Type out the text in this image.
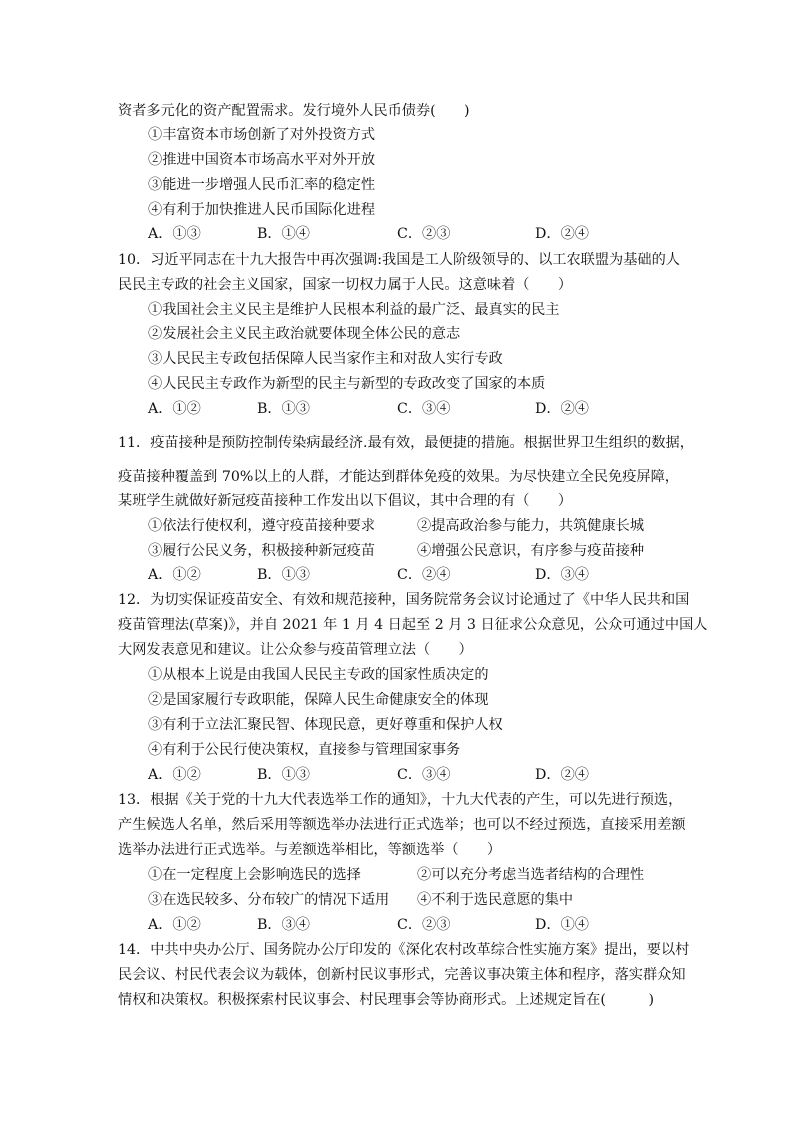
资者多元化的资产配置需求。发行境外人民币债券(　　)
①丰富资本市场创新了对外投资方式
②推进中国资本市场高水平对外开放
③能进一步增强人民币汇率的稳定性
④有利于加快推进人民币国际化进程
A．①③	B．①④	C．②③	D．②④
10．习近平同志在十九大报告中再次强调:我国是工人阶级领导的、以工农联盟为基础的人
民民主专政的社会主义国家，国家一切权力属于人民。这意味着（　　）
①我国社会主义民主是维护人民根本利益的最广泛、最真实的民主
②发展社会主义民主政治就要体现全体公民的意志
③人民民主专政包括保障人民当家作主和对敌人实行专政
④人民民主专政作为新型的民主与新型的专政改变了国家的本质
A．①②	B．①③	C．③④	D．②④
11．疫苗接种是预防控制传染病最经济.最有效，最便捷的措施。根据世界卫生组织的数据，
疫苗接种覆盖到 70%以上的人群，才能达到群体免疫的效果。为尽快建立全民免疫屏障，
某班学生就做好新冠疫苗接种工作发出以下倡议，其中合理的有（　　）
①依法行使权利，遵守疫苗接种要求	②提高政治参与能力，共筑健康长城
③履行公民义务，积极接种新冠疫苗	④增强公民意识，有序参与疫苗接种
A．①②	B．①③	C．②④	D．③④
12．为切实保证疫苗安全、有效和规范接种，国务院常务会议讨论通过了《中华人民共和国
疫苗管理法(草案)》，并自 2021 年 1 月 4 日起至 2 月 3 日征求公众意见，公众可通过中国人
大网发表意见和建议。让公众参与疫苗管理立法（　　）
①从根本上说是由我国人民民主专政的国家性质决定的
②是国家履行专政职能，保障人民生命健康安全的体现
③有利于立法汇聚民智、体现民意，更好尊重和保护人权
④有利于公民行使决策权，直接参与管理国家事务
A．①②	B．①③	C．③④	D．②④
13．根据《关于党的十九大代表选举工作的通知》，十九大代表的产生，可以先进行预选，
产生候选人名单，然后采用等额选举办法进行正式选举；也可以不经过预选，直接采用差额
选举办法进行正式选举。与差额选举相比，等额选举（　　）
①在一定程度上会影响选民的选择	②可以充分考虑当选者结构的合理性
③在选民较多、分布较广的情况下适用 ④不利于选民意愿的集中
A．①②	B．③④	C．②③	D．①④
14．中共中央办公厅、国务院办公厅印发的《深化农村改革综合性实施方案》提出，要以村
民会议、村民代表会议为载体，创新村民议事形式，完善议事决策主体和程序，落实群众知
情权和决策权。积极探索村民议事会、村民理事会等协商形式。上述规定旨在(　　　)
